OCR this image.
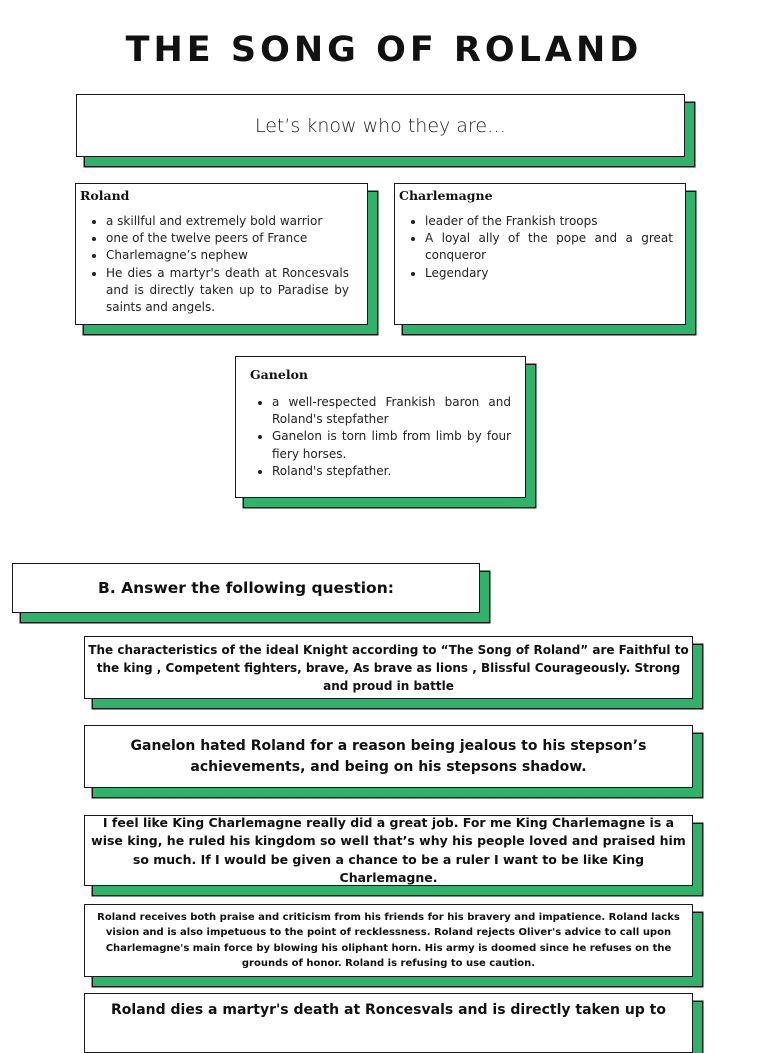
THE SONG OF ROLAND
Let’s know who they are…
Roland
• a skillful and extremely bold warrior
• one of the twelve peers of France
• Charlemagne’s nephew
• He dies a martyr's death at Roncesvals and is directly taken up to Paradise by saints and angels.
Charlemagne
• leader of the Frankish troops
• A loyal ally of the pope and a great conqueror
• Legendary
Ganelon
• a well-respected Frankish baron and Roland's stepfather
• Ganelon is torn limb from limb by four fiery horses.
• Roland's stepfather.
B. Answer the following question:
The characteristics of the ideal Knight according to “The Song of Roland” are Faithful to the king , Competent fighters, brave, As brave as lions , Blissful Courageously. Strong and proud in battle
Ganelon hated Roland for a reason being jealous to his stepson’s achievements, and being on his stepsons shadow.
I feel like King Charlemagne really did a great job. For me King Charlemagne is a wise king, he ruled his kingdom so well that’s why his people loved and praised him so much. If I would be given a chance to be a ruler I want to be like King Charlemagne.
Roland receives both praise and criticism from his friends for his bravery and impatience. Roland lacks vision and is also impetuous to the point of recklessness. Roland rejects Oliver's advice to call upon Charlemagne's main force by blowing his oliphant horn. His army is doomed since he refuses on the grounds of honor. Roland is refusing to use caution.
Roland dies a martyr's death at Roncesvals and is directly taken up to
